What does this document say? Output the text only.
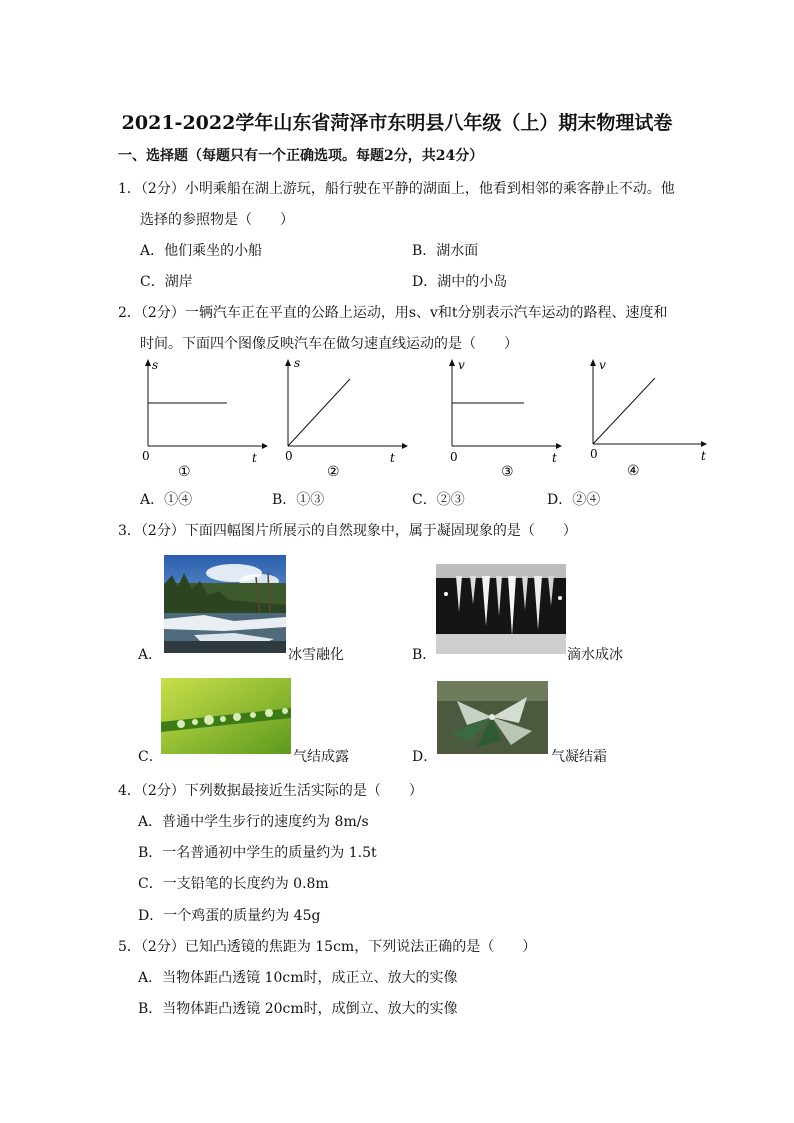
2021-2022学年山东省菏泽市东明县八年级（上）期末物理试卷
一、选择题（每题只有一个正确选项。每题2分，共24分）
1．（2分）小明乘船在湖上游玩，船行驶在平静的湖面上，他看到相邻的乘客静止不动。他
选择的参照物是（　　）
A．他们乘坐的小船	B．湖水面
C．湖岸	D．湖中的小岛
2．（2分）一辆汽车正在平直的公路上运动，用s、v和t分别表示汽车运动的路程、速度和
时间。下面四个图像反映汽车在做匀速直线运动的是（　　）
s
0	t
①
s
0	t
②
v
0	t
③
v
0	t
④
A．①④	B．①③	C．②③	D．②④
3．（2分）下面四幅图片所展示的自然现象中，属于凝固现象的是（　　）
A．	冰雪融化	B．	滴水成冰
C．	气结成露	D．	气凝结霜
4．（2分）下列数据最接近生活实际的是（　　）
A．普通中学生步行的速度约为 8m/s
B．一名普通初中学生的质量约为 1.5t
C．一支铅笔的长度约为 0.8m
D．一个鸡蛋的质量约为 45g
5．（2分）已知凸透镜的焦距为 15cm，下列说法正确的是（　　）
A．当物体距凸透镜 10cm时，成正立、放大的实像
B．当物体距凸透镜 20cm时，成倒立、放大的实像
